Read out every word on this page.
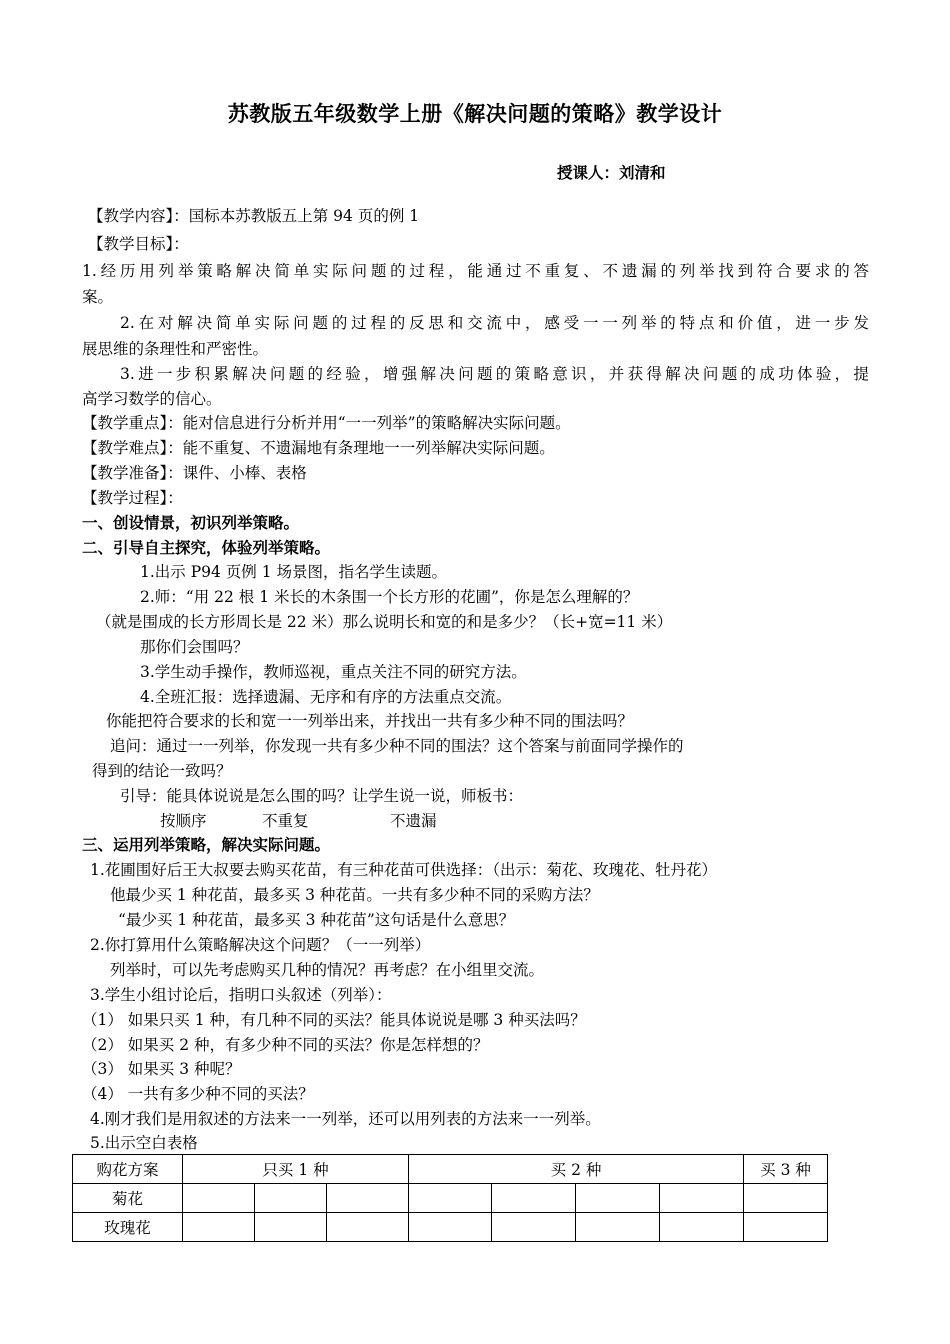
苏教版五年级数学上册《解决问题的策略》教学设计
授课人：刘清和
【教学内容】：国标本苏教版五上第 94 页的例 1
【教学目标】：
1.经历用列举策略解决简单实际问题的过程，能通过不重复、不遗漏的列举找到符合要求的答
案。
2.在对解决简单实际问题的过程的反思和交流中，感受一一列举的特点和价值，进一步发
展思维的条理性和严密性。
3.进一步积累解决问题的经验，增强解决问题的策略意识，并获得解决问题的成功体验，提
高学习数学的信心。
【教学重点】：能对信息进行分析并用“一一列举”的策略解决实际问题。
【教学难点】：能不重复、不遗漏地有条理地一一列举解决实际问题。
【教学准备】：课件、小棒、表格
【教学过程】：
一、创设情景，初识列举策略。
二、引导自主探究，体验列举策略。
1.出示 P94 页例 1 场景图，指名学生读题。
2.师：“用 22 根 1 米长的木条围一个长方形的花圃”，你是怎么理解的？
（就是围成的长方形周长是 22 米）那么说明长和宽的和是多少？（长+宽=11 米）
那你们会围吗？
3.学生动手操作，教师巡视，重点关注不同的研究方法。
4.全班汇报：选择遗漏、无序和有序的方法重点交流。
你能把符合要求的长和宽一一列举出来，并找出一共有多少种不同的围法吗？
追问：通过一一列举，你发现一共有多少种不同的围法？这个答案与前面同学操作的
得到的结论一致吗？
引导：能具体说说是怎么围的吗？让学生说一说，师板书：
按顺序	不重复	不遗漏
三、运用列举策略，解决实际问题。
1.花圃围好后王大叔要去购买花苗，有三种花苗可供选择：（出示：菊花、玫瑰花、牡丹花）
他最少买 1 种花苗，最多买 3 种花苗。一共有多少种不同的采购方法？
“最少买 1 种花苗，最多买 3 种花苗”这句话是什么意思？
2.你打算用什么策略解决这个问题？（一一列举）
列举时，可以先考虑购买几种的情况？再考虑？在小组里交流。
3.学生小组讨论后，指明口头叙述（列举）：
（1） 如果只买 1 种，有几种不同的买法？能具体说说是哪 3 种买法吗？
（2） 如果买 2 种，有多少种不同的买法？你是怎样想的？
（3） 如果买 3 种呢？
（4） 一共有多少种不同的买法？
4.刚才我们是用叙述的方法来一一列举，还可以用列表的方法来一一列举。
5.出示空白表格
购花方案	只买 1 种			买 2 种				买 3 种
菊花								
玫瑰花								
